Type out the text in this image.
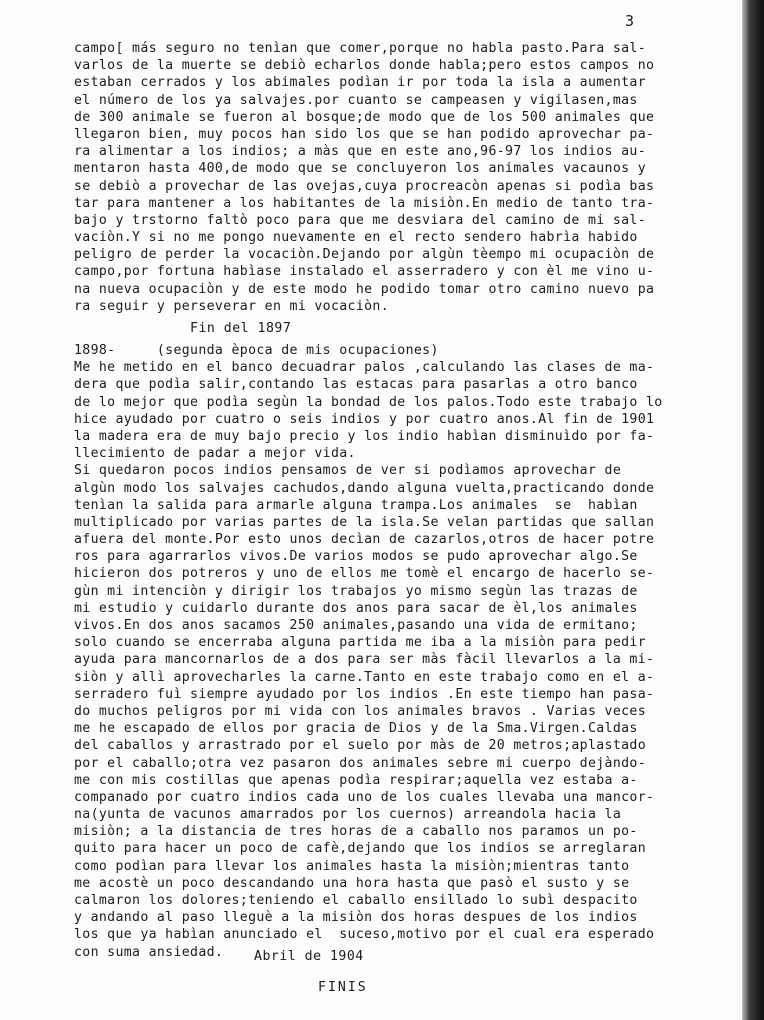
3
campo[ más seguro no tenìan que comer,porque no habla pasto.Para sal-
varlos de la muerte se debiò echarlos donde habla;pero estos campos no
estaban cerrados y los abimales podìan ir por toda la isla a aumentar
el número de los ya salvajes.por cuanto se campeasen y vigilasen,mas
de 300 animale se fueron al bosque;de modo que de los 500 animales que
llegaron bien, muy pocos han sido los que se han podido aprovechar pa-
ra alimentar a los indios; a màs que en este ano,96-97 los indios au-
mentaron hasta 400,de modo que se concluyeron los animales vacaunos y
se debiò a provechar de las ovejas,cuya procreacòn apenas si podìa bas
tar para mantener a los habitantes de la misiòn.En medio de tanto tra-
bajo y trstorno faltò poco para que me desviara del camino de mi sal-
vaciòn.Y si no me pongo nuevamente en el recto sendero habrìa habido
peligro de perder la vocaciòn.Dejando por algùn tèempo mi ocupaciòn de
campo,por fortuna habìase instalado el asserradero y con èl me vino u-
na nueva ocupaciòn y de este modo he podido tomar otro camino nuevo pa
ra seguir y perseverar en mi vocaciòn.
Fin del 1897
1898-     (segunda època de mis ocupaciones)
Me he metido en el banco decuadrar palos ,calculando las clases de ma-
dera que podìa salir,contando las estacas para pasarlas a otro banco
de lo mejor que podìa segùn la bondad de los palos.Todo este trabajo lo
hice ayudado por cuatro o seis indios y por cuatro anos.Al fin de 1901
la madera era de muy bajo precio y los indio habìan disminuìdo por fa-
llecimiento de padar a mejor vida.
Si quedaron pocos indios pensamos de ver si podìamos aprovechar de
algùn modo los salvajes cachudos,dando alguna vuelta,practicando donde
tenìan la salida para armarle alguna trampa.Los animales  se  habìan
multiplicado por varias partes de la isla.Se velan partidas que sallan
afuera del monte.Por esto unos decìan de cazarlos,otros de hacer potre
ros para agarrarlos vivos.De varios modos se pudo aprovechar algo.Se
hicieron dos potreros y uno de ellos me tomè el encargo de hacerlo se-
gùn mi intenciòn y dirigir los trabajos yo mismo segùn las trazas de
mi estudio y cuidarlo durante dos anos para sacar de èl,los animales
vivos.En dos anos sacamos 250 animales,pasando una vida de ermitano;
solo cuando se encerraba alguna partida me iba a la misiòn para pedir
ayuda para mancornarlos de a dos para ser màs fàcil llevarlos a la mi-
siòn y allì aprovecharles la carne.Tanto en este trabajo como en el a-
serradero fuì siempre ayudado por los indios .En este tiempo han pasa-
do muchos peligros por mi vida con los animales bravos . Varias veces
me he escapado de ellos por gracia de Dios y de la Sma.Virgen.Caldas
del caballos y arrastrado por el suelo por màs de 20 metros;aplastado
por el caballo;otra vez pasaron dos animales sebre mi cuerpo dejàndo-
me con mis costillas que apenas podìa respirar;aquella vez estaba a-
companado por cuatro indios cada uno de los cuales llevaba una mancor-
na(yunta de vacunos amarrados por los cuernos) arreandola hacia la
misiòn; a la distancia de tres horas de a caballo nos paramos un po-
quito para hacer un poco de cafè,dejando que los indios se arreglaran
como podìan para llevar los animales hasta la misiòn;mientras tanto
me acostè un poco descandando una hora hasta que pasò el susto y se
calmaron los dolores;teniendo el caballo ensillado lo subì despacito
y andando al paso lleguè a la misiòn dos horas despues de los indios
los que ya habìan anunciado el  suceso,motivo por el cual era esperado
con suma ansiedad.	Abril de 1904
FINIS
